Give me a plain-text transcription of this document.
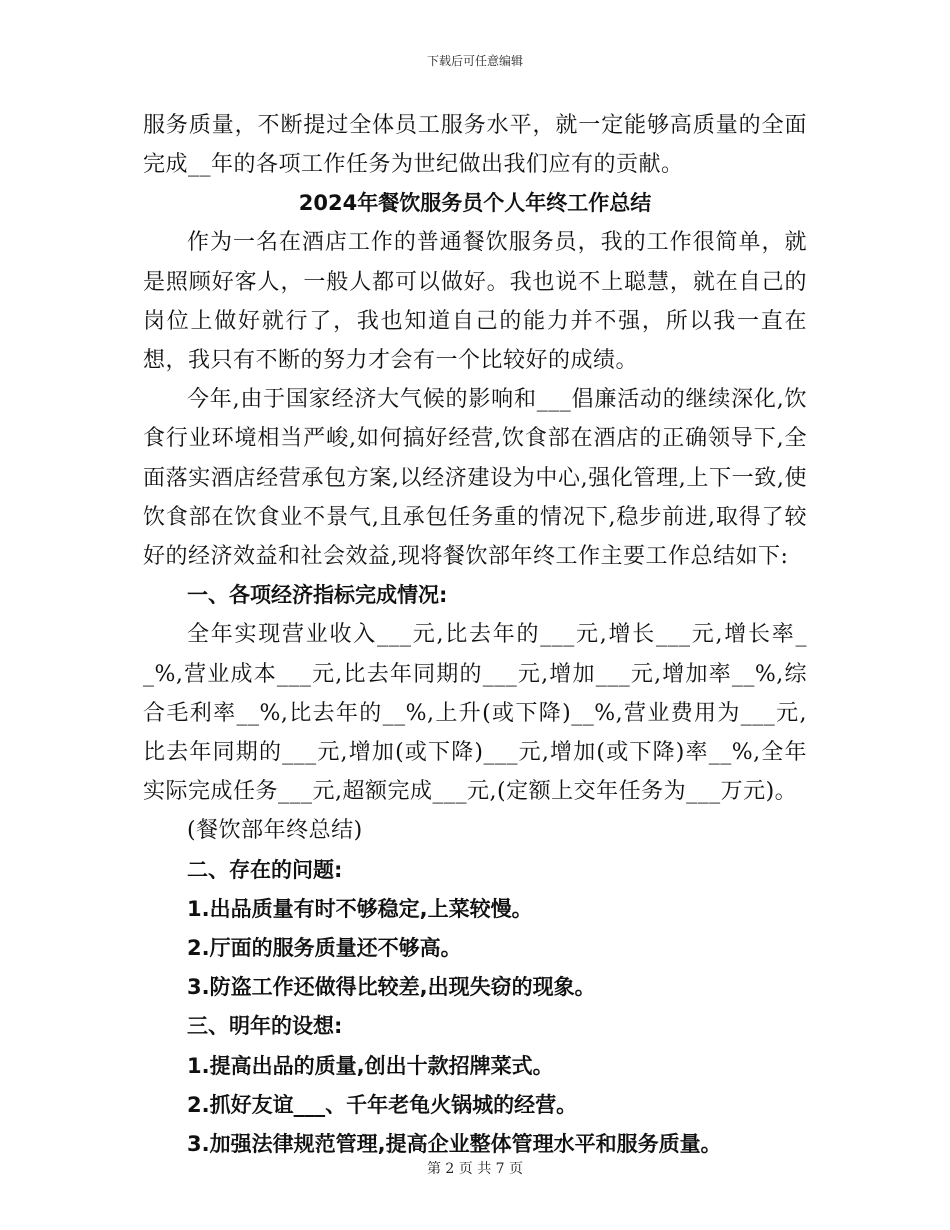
下载后可任意编辑

服务质量，不断提过全体员工服务水平，就一定能够高质量的全面完成__年的各项工作任务为世纪做出我们应有的贡献。

2024年餐饮服务员个人年终工作总结

作为一名在酒店工作的普通餐饮服务员，我的工作很简单，就是照顾好客人，一般人都可以做好。我也说不上聪慧，就在自己的岗位上做好就行了，我也知道自己的能力并不强，所以我一直在想，我只有不断的努力才会有一个比较好的成绩。

今年,由于国家经济大气候的影响和___倡廉活动的继续深化,饮食行业环境相当严峻,如何搞好经营,饮食部在酒店的正确领导下,全面落实酒店经营承包方案,以经济建设为中心,强化管理,上下一致,使饮食部在饮食业不景气,且承包任务重的情况下,稳步前进,取得了较好的经济效益和社会效益,现将餐饮部年终工作主要工作总结如下:

一、各项经济指标完成情况:

全年实现营业收入___元,比去年的___元,增长___元,增长率__%,营业成本___元,比去年同期的___元,增加___元,增加率__%,综合毛利率__%,比去年的__%,上升(或下降)__%,营业费用为___元,比去年同期的___元,增加(或下降)___元,增加(或下降)率__%,全年实际完成任务___元,超额完成___元,(定额上交年任务为___万元)。

(餐饮部年终总结)

二、存在的问题:

1.出品质量有时不够稳定,上菜较慢。

2.厅面的服务质量还不够高。

3.防盗工作还做得比较差,出现失窃的现象。

三、明年的设想:

1.提高出品的质量,创出十款招牌菜式。

2.抓好友谊___、千年老龟火锅城的经营。

3.加强法律规范管理,提高企业整体管理水平和服务质量。

第 2 页 共 7 页
